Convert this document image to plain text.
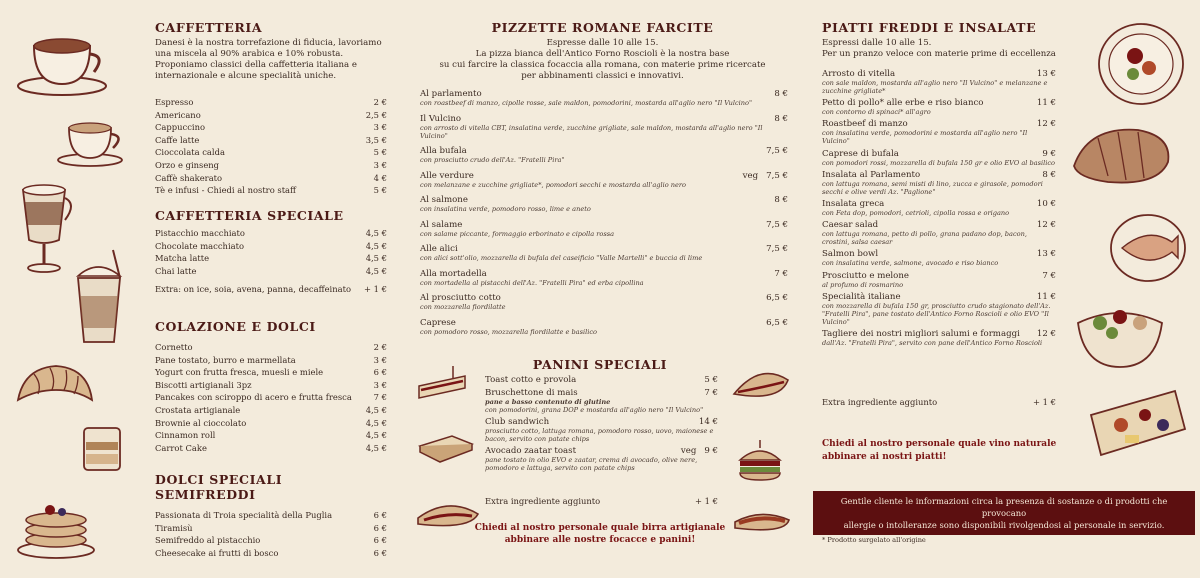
CAFFETTERIA
Danesi è la nostra torrefazione di fiducia, lavoriamo una miscela al 90% arabica e 10% robusta. Proponiamo classici della caffetteria italiana e internazionale e alcune specialità uniche.
Espresso	2 €
Americano	2,5 €
Cappuccino	3 €
Caffe latte	3,5 €
Cioccolata calda	5 €
Orzo e ginseng	3 €
Caffè shakerato	4 €
Tè e infusi - Chiedi al nostro staff	5 €
CAFFETTERIA SPECIALE
Pistacchio macchiato	4,5 €
Chocolate macchiato	4,5 €
Matcha latte	4,5 €
Chai latte	4,5 €
Extra: on ice, soia, avena, panna, decaffeinato + 1 €
COLAZIONE E DOLCI
Cornetto	2 €
Pane tostato, burro e marmellata	3 €
Yogurt con frutta fresca, muesli e miele	6 €
Biscotti artigianali 3pz	3 €
Pancakes con sciroppo di acero e frutta fresca	7 €
Crostata artigianale	4,5 €
Brownie al cioccolato	4,5 €
Cinnamon roll	4,5 €
Carrot Cake	4,5 €
DOLCI SPECIALI SEMIFREDDI
Passionata di Troia specialità della Puglia	6 €
Tiramisù	6 €
Semifreddo al pistacchio	6 €
Cheesecake ai frutti di bosco	6 €
PIZZETTE ROMANE FARCITE
Espresse dalle 10 alle 15.
La pizza bianca dell'Antico Forno Roscioli è la nostra base
su cui farcire la classica focaccia alla romana, con materie prime ricercate
per abbinamenti classici e innovativi.
Al parlamento	8 €
con roastbeef di manzo, cipolle rosse, sale maldon, pomodorini, mostarda all'aglio nero "Il Vulcino"
Il Vulcino	8 €
con arrosto di vitella CBT, insalatina verde, zucchine grigliate, sale maldon, mostarda all'aglio nero "Il Vulcino"
Alla bufala	7,5 €
con prosciutto crudo dell'Az. "Fratelli Pira"
Alle verdure	veg 7,5 €
con melanzane e zucchine grigliate*, pomodori secchi e mostarda all'aglio nero
Al salmone	8 €
con insalatina verde, pomodoro rosso, lime e aneto
Al salame	7,5 €
con salame piccante, formaggio erborinato e cipolla rossa
Alle alici	7,5 €
con alici sott'olio, mozzarella di bufala del caseificio "Valle Martelli" e buccia di lime
Alla mortadella	7 €
con mortadella al pistacchi dell'Az. "Fratelli Pira" ed erba cipollina
Al prosciutto cotto	6,5 €
con mozzarella fiordilatte
Caprese	6,5 €
con pomodoro rosso, mozzarella fiordilatte e basilico
PANINI SPECIALI
Toast cotto e provola	5 €
Bruschettone di mais	7 €
pane a basso contenuto di glutine
con pomodorini, grana DOP e mostarda all'aglio nero "Il Vulcino"
Club sandwich	14 €
prosciutto cotto, lattuga romana, pomodoro rosso, uovo, maionese e bacon, servito con patate chips
Avocado zaatar toast	veg 9 €
pane tostato in olio EVO e zaatar, crema di avocado, olive nere, pomodoro e lattuga, servito con patate chips
Extra ingrediente aggiunto	+ 1 €
Chiedi al nostro personale quale birra artigianale
abbinare alle nostre focacce e panini!
PIATTI FREDDI E INSALATE
Espressi dalle 10 alle 15.
Per un pranzo veloce con materie prime di eccellenza
Arrosto di vitella	13 €
con sale maldon, mostarda all'aglio nero "Il Vulcino" e melanzane e zucchine grigliate*
Petto di pollo* alle erbe e riso bianco	11 €
con contorno di spinaci* all'agro
Roastbeef di manzo	12 €
con insalatina verde, pomodorini e mostarda all'aglio nero "Il Vulcino"
Caprese di bufala	9 €
con pomodori rossi, mozzarella di bufala 150 gr e olio EVO al basilico
Insalata al Parlamento	8 €
con lattuga romana, semi misti di lino, zucca e girasole, pomodori secchi e olive verdi Az. "Paglione"
Insalata greca	10 €
con Feta dop, pomodori, cetrioli, cipolla rossa e origano
Caesar salad	12 €
con lattuga romana, petto di pollo, grana padano dop, bacon, crostini, salsa caesar
Salmon bowl	13 €
con insalatina verde, salmone, avocado e riso bianco
Prosciutto e melone	7 €
al profumo di rosmarino
Specialità italiane	11 €
con mozzarella di bufala 150 gr, prosciutto crudo stagionato dell'Az. "Fratelli Pira", pane tostato dell'Antico Forno Roscioli e olio EVO "Il Vulcino"
Tagliere dei nostri migliori salumi e formaggi 12 €
dall'Az. "Fratelli Pira", servito con pane dell'Antico Forno Roscioli
Extra ingrediente aggiunto	+ 1 €
Chiedi al nostro personale quale vino naturale
abbinare ai nostri piatti!
Gentile cliente le informazioni circa la presenza di sostanze o di prodotti che provocano
allergie o intolleranze sono disponibili rivolgendosi al personale in servizio.
* Prodotto surgelato all'origine
